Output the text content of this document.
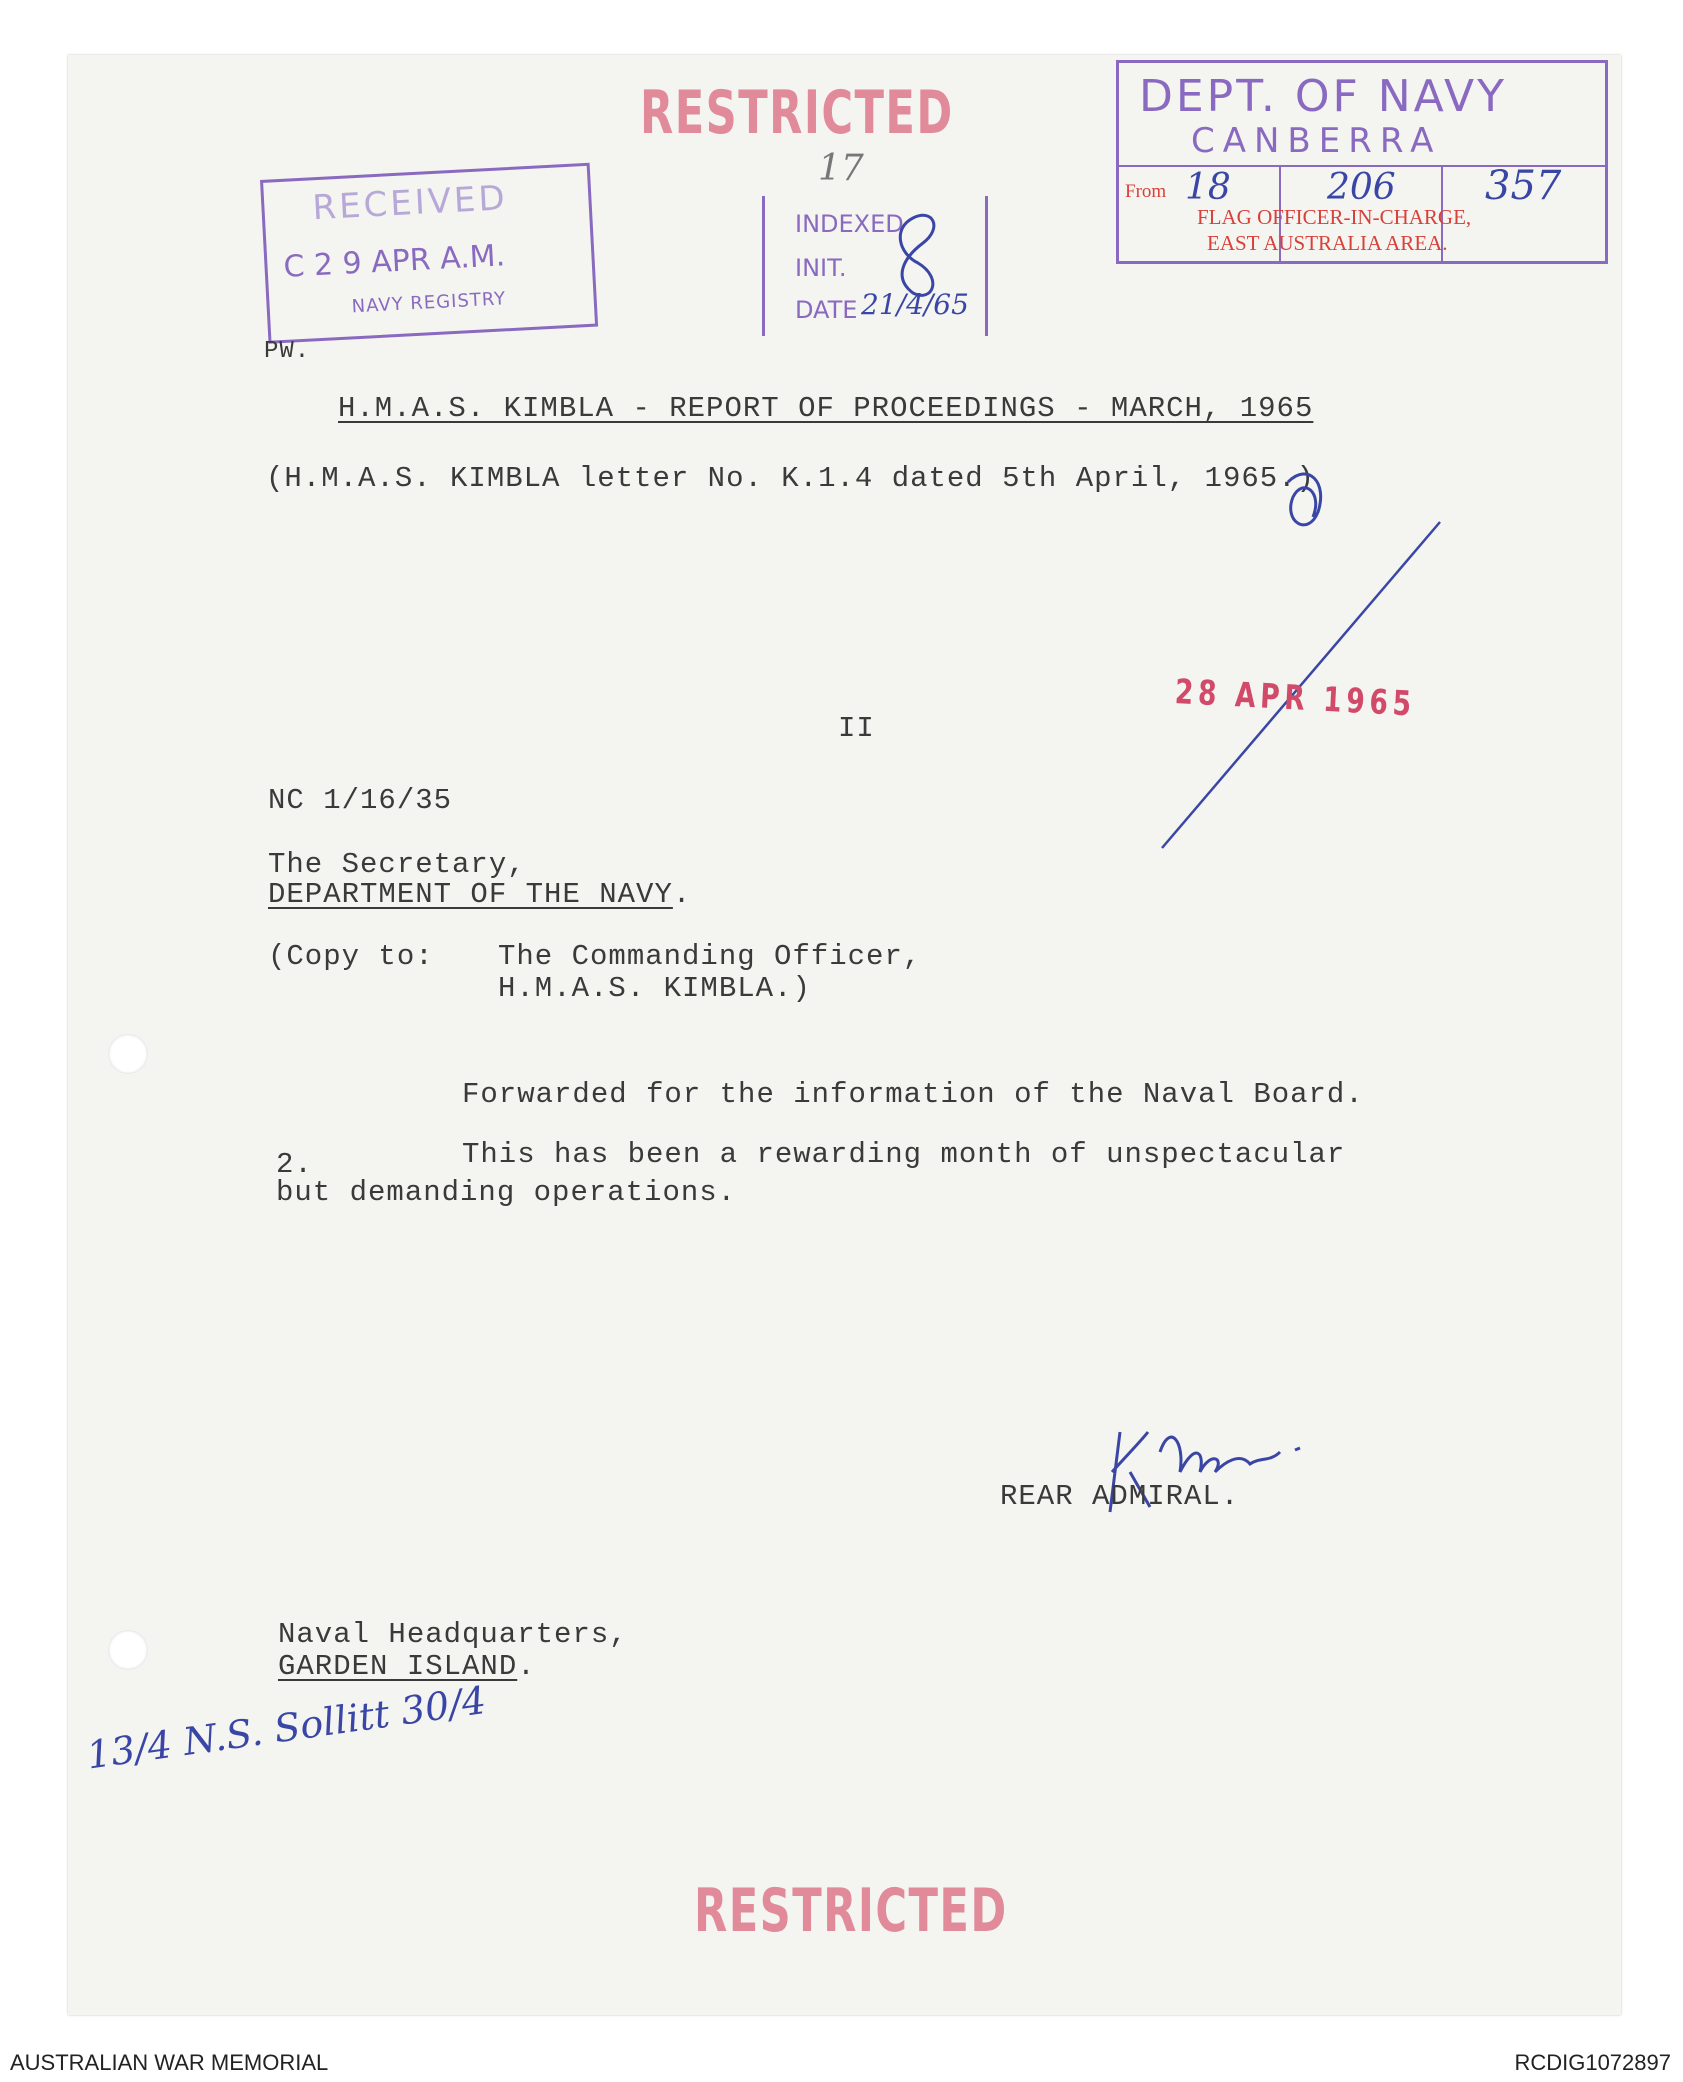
RESTRICTED
17
RECEIVED
C 2 9 APR A.M.
NAVY REGISTRY
INDEXED
INIT.
DATE 21/4/65
DEPT. OF NAVY
CANBERRA
From 18	206 357
FLAG OFFICER-IN-CHARGE,
EAST AUSTRALIA AREA.
PW.
H.M.A.S. KIMBLA - REPORT OF PROCEEDINGS - MARCH, 1965
(H.M.A.S. KIMBLA letter No. K.1.4 dated 5th April, 1965.)
28 APR 1965
II
NC 1/16/35
The Secretary,
DEPARTMENT OF THE NAVY.
(Copy to: The Commanding Officer,
H.M.A.S. KIMBLA.)
Forwarded for the information of the Naval Board.
2.	This has been a rewarding month of unspectacular
but demanding operations.
REAR ADMIRAL.
Naval Headquarters,
GARDEN ISLAND.
13/4 N.S. Sollitt 30/4
RESTRICTED
AUSTRALIAN WAR MEMORIAL	RCDIG1072897
